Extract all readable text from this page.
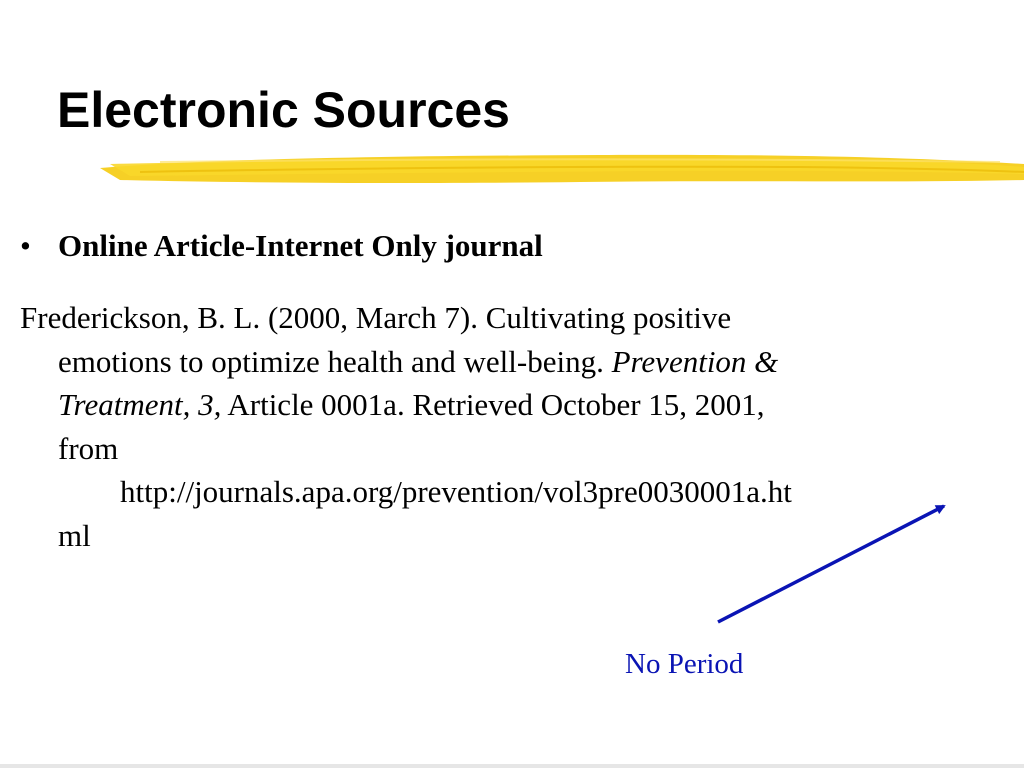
Electronic Sources
• Online Article-Internet Only journal
Frederickson, B. L. (2000, March 7). Cultivating positive
emotions to optimize health and well-being. Prevention &
Treatment, 3, Article 0001a. Retrieved October 15, 2001,
from
http://journals.apa.org/prevention/vol3pre0030001a.ht
ml
No Period
